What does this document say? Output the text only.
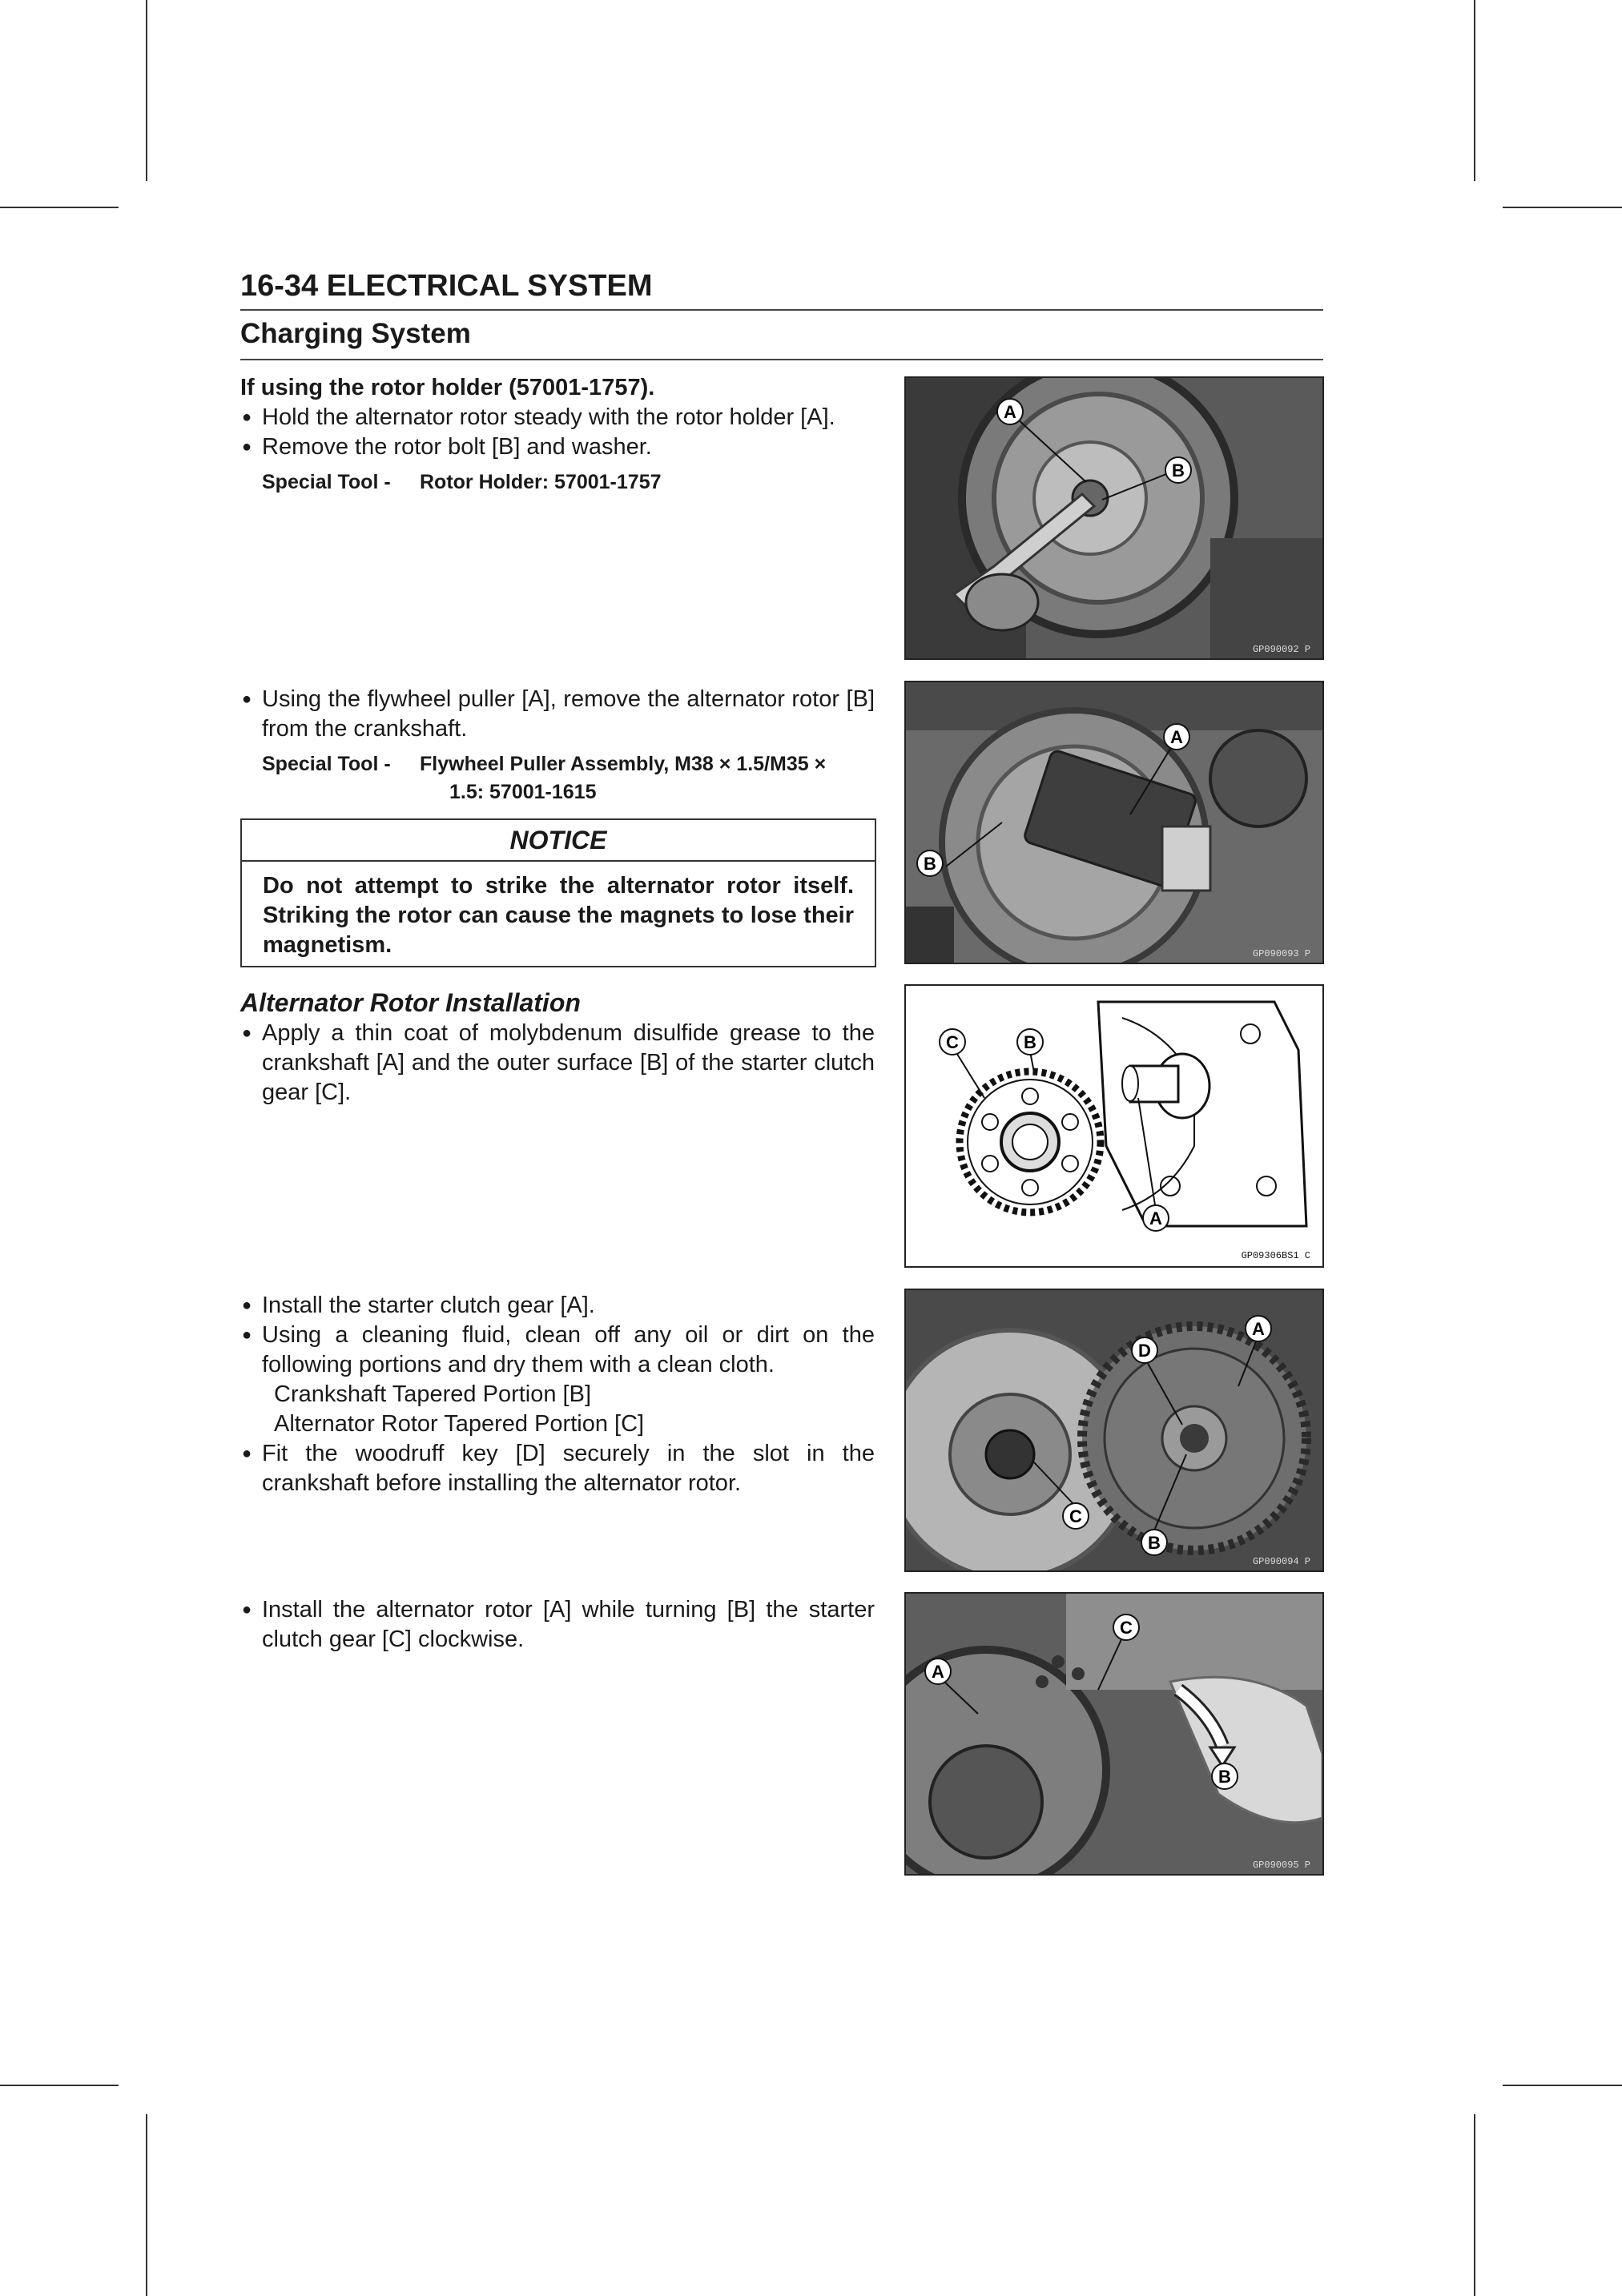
16-34 ELECTRICAL SYSTEM
Charging System
If using the rotor holder (57001-1757).
● Hold the alternator rotor steady with the rotor holder [A].
● Remove the rotor bolt [B] and washer.
Special Tool - Rotor Holder: 57001-1757
● Using the flywheel puller [A], remove the alternator rotor [B] from the crankshaft.
Special Tool - Flywheel Puller Assembly, M38 × 1.5/M35 ×
1.5: 57001-1615
NOTICE
Do not attempt to strike the alternator rotor itself. Striking the rotor can cause the magnets to lose their magnetism.
Alternator Rotor Installation
● Apply a thin coat of molybdenum disulfide grease to the crankshaft [A] and the outer surface [B] of the starter clutch gear [C].
● Install the starter clutch gear [A].
● Using a cleaning fluid, clean off any oil or dirt on the following portions and dry them with a clean cloth.
Crankshaft Tapered Portion [B]
Alternator Rotor Tapered Portion [C]
● Fit the woodruff key [D] securely in the slot in the crankshaft before installing the alternator rotor.
● Install the alternator rotor [A] while turning [B] the starter clutch gear [C] clockwise.
A
B
GP090092 P
A
B
GP090093 P
C	B
A
GP09306BS1 C
D
A
C
B
GP090094 P
A
C
B
GP090095 P
